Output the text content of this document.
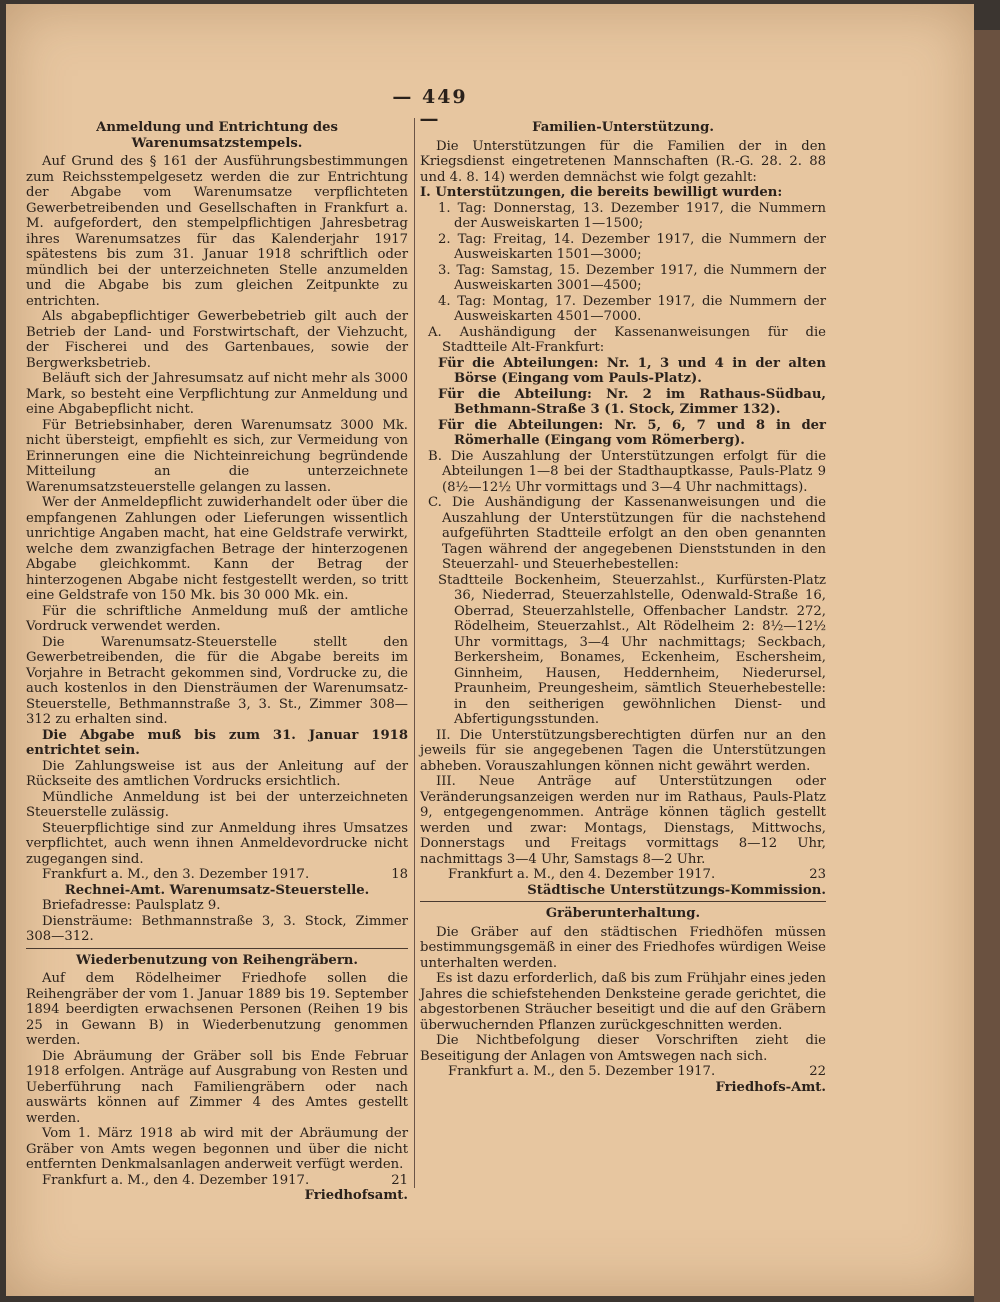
— 449 —
Anmeldung und Entrichtung des Warenumsatzstempels.

Auf Grund des § 161 der Ausführungsbestimmungen zum Reichsstempelgesetz werden die zur Entrichtung der Abgabe vom Warenumsatze verpflichteten Gewerbetreibenden und Gesellschaften in Frankfurt a. M. aufgefordert, den stempelpflichtigen Jahresbetrag ihres Warenumsatzes für das Kalenderjahr 1917 spätestens bis zum 31. Januar 1918 schriftlich oder mündlich bei der unterzeichneten Stelle anzumelden und die Abgabe bis zum gleichen Zeitpunkte zu entrichten.

Als abgabepflichtiger Gewerbebetrieb gilt auch der Betrieb der Land- und Forstwirtschaft, der Viehzucht, der Fischerei und des Gartenbaues, sowie der Bergwerksbetrieb.

Beläuft sich der Jahresumsatz auf nicht mehr als 3000 Mark, so besteht eine Verpflichtung zur Anmeldung und eine Abgabepflicht nicht.

Für Betriebsinhaber, deren Warenumsatz 3000 Mk. nicht übersteigt, empfiehlt es sich, zur Vermeidung von Erinnerungen eine die Nichteinreichung begründende Mitteilung an die unterzeichnete Warenumsatzsteuerstelle gelangen zu lassen.

Wer der Anmeldepflicht zuwiderhandelt oder über die empfangenen Zahlungen oder Lieferungen wissentlich unrichtige Angaben macht, hat eine Geldstrafe verwirkt, welche dem zwanzigfachen Betrage der hinterzogenen Abgabe gleichkommt. Kann der Betrag der hinterzogenen Abgabe nicht festgestellt werden, so tritt eine Geldstrafe von 150 Mk. bis 30 000 Mk. ein.

Für die schriftliche Anmeldung muß der amtliche Vordruck verwendet werden.

Die Warenumsatz-Steuerstelle stellt den Gewerbetreibenden, die für die Abgabe bereits im Vorjahre in Betracht gekommen sind, Vordrucke zu, die auch kostenlos in den Diensträumen der Warenumsatz-Steuerstelle, Bethmannstraße 3, 3. St., Zimmer 308—312 zu erhalten sind.

Die Abgabe muß bis zum 31. Januar 1918 entrichtet sein.

Die Zahlungsweise ist aus der Anleitung auf der Rückseite des amtlichen Vordrucks ersichtlich.

Mündliche Anmeldung ist bei der unterzeichneten Steuerstelle zulässig.

Steuerpflichtige sind zur Anmeldung ihres Umsatzes verpflichtet, auch wenn ihnen Anmeldevordrucke nicht zugegangen sind.

Frankfurt a. M., den 3. Dezember 1917.	18
Rechnei-Amt. Warenumsatz-Steuerstelle.

Briefadresse: Paulsplatz 9.

Diensträume: Bethmannstraße 3, 3. Stock, Zimmer 308—312.

Wiederbenutzung von Reihengräbern.

Auf dem Rödelheimer Friedhofe sollen die Reihengräber der vom 1. Januar 1889 bis 19. September 1894 beerdigten erwachsenen Personen (Reihen 19 bis 25 in Gewann B) in Wiederbenutzung genommen werden.

Die Abräumung der Gräber soll bis Ende Februar 1918 erfolgen. Anträge auf Ausgrabung von Resten und Ueberführung nach Familiengräbern oder nach auswärts können auf Zimmer 4 des Amtes gestellt werden.

Vom 1. März 1918 ab wird mit der Abräumung der Gräber von Amts wegen begonnen und über die nicht entfernten Denkmalsanlagen anderweit verfügt werden.

Frankfurt a. M., den 4. Dezember 1917.	21
Friedhofsamt.
Familien-Unterstützung.

Die Unterstützungen für die Familien der in den Kriegsdienst eingetretenen Mannschaften (R.-G. 28. 2. 88 und 4. 8. 14) werden demnächst wie folgt gezahlt:

I. Unterstützungen, die bereits bewilligt wurden:

1. Tag: Donnerstag, 13. Dezember 1917, die Nummern der Ausweiskarten 1—1500;

2. Tag: Freitag, 14. Dezember 1917, die Nummern der Ausweiskarten 1501—3000;

3. Tag: Samstag, 15. Dezember 1917, die Nummern der Ausweiskarten 3001—4500;

4. Tag: Montag, 17. Dezember 1917, die Nummern der Ausweiskarten 4501—7000.

A. Aushändigung der Kassenanweisungen für die Stadtteile Alt-Frankfurt:

Für die Abteilungen: Nr. 1, 3 und 4 in der alten Börse (Eingang vom Pauls-Platz).

Für die Abteilung: Nr. 2 im Rathaus-Südbau, Bethmann-Straße 3 (1. Stock, Zimmer 132).

Für die Abteilungen: Nr. 5, 6, 7 und 8 in der Römerhalle (Eingang vom Römerberg).

B. Die Auszahlung der Unterstützungen erfolgt für die Abteilungen 1—8 bei der Stadthauptkasse, Pauls-Platz 9 (8½—12½ Uhr vormittags und 3—4 Uhr nachmittags).

C. Die Aushändigung der Kassenanweisungen und die Auszahlung der Unterstützungen für die nachstehend aufgeführten Stadtteile erfolgt an den oben genannten Tagen während der angegebenen Dienststunden in den Steuerzahl- und Steuerhebestellen:

Stadtteile Bockenheim, Steuerzahlst., Kurfürsten-Platz 36, Niederrad, Steuerzahlstelle, Odenwald-Straße 16, Oberrad, Steuerzahlstelle, Offenbacher Landstr. 272, Rödelheim, Steuerzahlst., Alt Rödelheim 2: 8½—12½ Uhr vormittags, 3—4 Uhr nachmittags; Seckbach, Berkersheim, Bonames, Eckenheim, Eschersheim, Ginnheim, Hausen, Heddernheim, Niederursel, Praunheim, Preungesheim, sämtlich Steuerhebestelle: in den seitherigen gewöhnlichen Dienst- und Abfertigungsstunden.

II. Die Unterstützungsberechtigten dürfen nur an den jeweils für sie angegebenen Tagen die Unterstützungen abheben. Vorauszahlungen können nicht gewährt werden.

III. Neue Anträge auf Unterstützungen oder Veränderungsanzeigen werden nur im Rathaus, Pauls-Platz 9, entgegengenommen. Anträge können täglich gestellt werden und zwar: Montags, Dienstags, Mittwochs, Donnerstags und Freitags vormittags 8—12 Uhr, nachmittags 3—4 Uhr, Samstags 8—2 Uhr.

Frankfurt a. M., den 4. Dezember 1917.	23
Städtische Unterstützungs-Kommission.
Gräberunterhaltung.

Die Gräber auf den städtischen Friedhöfen müssen bestimmungsgemäß in einer des Friedhofes würdigen Weise unterhalten werden.

Es ist dazu erforderlich, daß bis zum Frühjahr eines jeden Jahres die schiefstehenden Denksteine gerade gerichtet, die abgestorbenen Sträucher beseitigt und die auf den Gräbern überwuchernden Pflanzen zurückgeschnitten werden.

Die Nichtbefolgung dieser Vorschriften zieht die Beseitigung der Anlagen von Amtswegen nach sich.

Frankfurt a. M., den 5. Dezember 1917.	22
Friedhofs-Amt.
